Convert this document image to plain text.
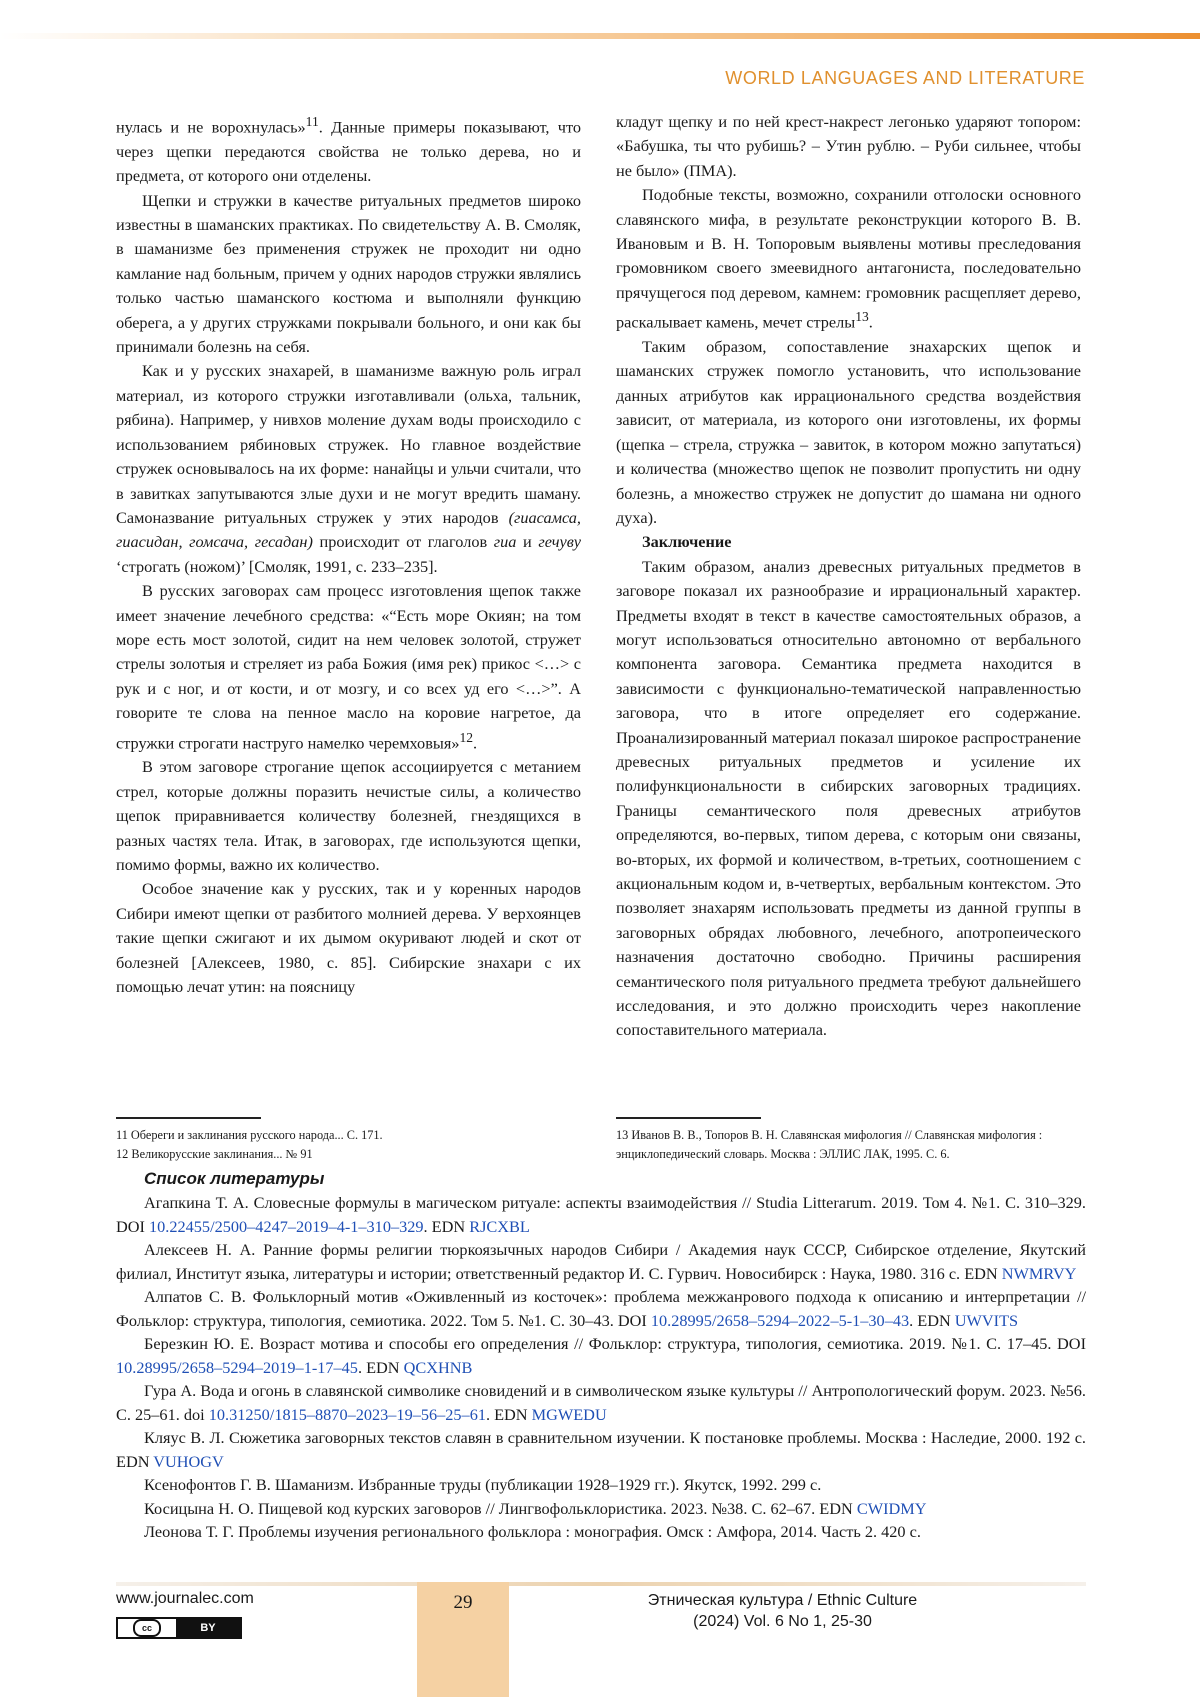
WORLD LANGUAGES AND LITERATURE

нулась и не ворохнулась»$^{11}$. Данные примеры показывают, что через щепки передаются свойства не только дерева, но и предмета, от которого они отделены.

Щепки и стружки в качестве ритуальных предметов широко известны в шаманских практиках. По свидетельству А. В. Смоляк, в шаманизме без применения стружек не проходит ни одно камлание над больным, причем у одних народов стружки являлись только частью шаманского костюма и выполняли функцию оберега, а у других стружками покрывали больного, и они как бы принимали болезнь на себя.

Как и у русских знахарей, в шаманизме важную роль играл материал, из которого стружки изготавливали (ольха, тальник, рябина). Например, у нивхов моление духам воды происходило с использованием рябиновых стружек. Но главное воздействие стружек основывалось на их форме: нанайцы и ульчи считали, что в завитках запутываются злые духи и не могут вредить шаману. Самоназвание ритуальных стружек у этих народов (гиасамса, гиасидан, гомсача, гесадан) происходит от глаголов гиа и гечуву ‘строгать (ножом)’ [Смоляк, 1991, с. 233–235].

В русских заговорах сам процесс изготовления щепок также имеет значение лечебного средства: «“Есть море Окиян; на том море есть мост золотой, сидит на нем человек золотой, стружет стрелы золотыя и стреляет из раба Божия (имя рек) прикос <…> с рук и с ног, и от кости, и от мозгу, и со всех уд его <…>”. А говорите те слова на пенное масло на коровие нагретое, да стружки строгати наструго намелко черемховыя»$^{12}$.

В этом заговоре строгание щепок ассоциируется с метанием стрел, которые должны поразить нечистые силы, а количество щепок приравнивается количеству болезней, гнездящихся в разных частях тела. Итак, в заговорах, где используются щепки, помимо формы, важно их количество.

Особое значение как у русских, так и у коренных народов Сибири имеют щепки от разбитого молнией дерева. У верхоянцев такие щепки сжигают и их дымом окуривают людей и скот от болезней [Алексеев, 1980, с. 85]. Сибирские знахари с их помощью лечат утин: на поясницу

кладут щепку и по ней крест-накрест легонько ударяют топором: «Бабушка, ты что рубишь? – Утин рублю. – Руби сильнее, чтобы не было» (ПМА).

Подобные тексты, возможно, сохранили отголоски основного славянского мифа, в результате реконструкции которого В. В. Ивановым и В. Н. Топоровым выявлены мотивы преследования громовником своего змеевидного антагониста, последовательно прячущегося под деревом, камнем: громовник расщепляет дерево, раскалывает камень, мечет стрелы$^{13}$.

Таким образом, сопоставление знахарских щепок и шаманских стружек помогло установить, что использование данных атрибутов как иррационального средства воздействия зависит, от материала, из которого они изготовлены, их формы (щепка – стрела, стружка – завиток, в котором можно запутаться) и количества (множество щепок не позволит пропустить ни одну болезнь, а множество стружек не допустит до шамана ни одного духа).

Заключение

Таким образом, анализ древесных ритуальных предметов в заговоре показал их разнообразие и иррациональный характер. Предметы входят в текст в качестве самостоятельных образов, а могут использоваться относительно автономно от вербального компонента заговора. Семантика предмета находится в зависимости с функционально-тематической направленностью заговора, что в итоге определяет его содержание. Проанализированный материал показал широкое распространение древесных ритуальных предметов и усиление их полифункциональности в сибирских заговорных традициях. Границы семантического поля древесных атрибутов определяются, во-первых, типом дерева, с которым они связаны, во-вторых, их формой и количеством, в-третьих, соотношением с акциональным кодом и, в-четвертых, вербальным контекстом. Это позволяет знахарям использовать предметы из данной группы в заговорных обрядах любовного, лечебного, апотропеического назначения достаточно свободно. Причины расширения семантического поля ритуального предмета требуют дальнейшего исследования, и это должно происходить через накопление сопоставительного материала.

11 Обереги и заклинания русского народа... С. 171.
12 Великорусские заклинания... № 91
13 Иванов В. В., Топоров В. Н. Славянская мифология // Славянская мифология : энциклопедический словарь. Москва : ЭЛЛИС ЛАК, 1995. С. 6.
Список литературы

Агапкина Т. А. Словесные формулы в магическом ритуале: аспекты взаимодействия // Studia Litterarum. 2019. Том 4. №1. С. 310–329. DOI 10.22455/2500–4247–2019–4-1–310–329. EDN RJCXBL

Алексеев Н. А. Ранние формы религии тюркоязычных народов Сибири / Академия наук СССР, Сибирское отделение, Якутский филиал, Институт языка, литературы и истории; ответственный редактор И. С. Гурвич. Новосибирск : Наука, 1980. 316 с. EDN NWMRVY

Алпатов С. В. Фольклорный мотив «Оживленный из косточек»: проблема межжанрового подхода к описанию и интерпретации // Фольклор: структура, типология, семиотика. 2022. Том 5. №1. С. 30–43. DOI 10.28995/2658–5294–2022–5-1–30–43. EDN UWVITS

Березкин Ю. Е. Возраст мотива и способы его определения // Фольклор: структура, типология, семиотика. 2019. №1. С. 17–45. DOI 10.28995/2658–5294–2019–1-17–45. EDN QCXHNB

Гура А. Вода и огонь в славянской символике сновидений и в символическом языке культуры // Антропологический форум. 2023. №56. С. 25–61. doi 10.31250/1815–8870–2023–19–56–25–61. EDN MGWEDU

Кляус В. Л. Сюжетика заговорных текстов славян в сравнительном изучении. К постановке проблемы. Москва : Наследие, 2000. 192 с. EDN VUHOGV

Ксенофонтов Г. В. Шаманизм. Избранные труды (публикации 1928–1929 гг.). Якутск, 1992. 299 с.

Косицына Н. О. Пищевой код курских заговоров // Лингвофольклористика. 2023. №38. С. 62–67. EDN CWIDMY

Леонова Т. Г. Проблемы изучения регионального фольклора : монография. Омск : Амфора, 2014. Часть 2. 420 с.

29
www.journalec.com
cc	BY
Этническая культура / Ethnic Culture
(2024) Vol. 6 No 1, 25-30
